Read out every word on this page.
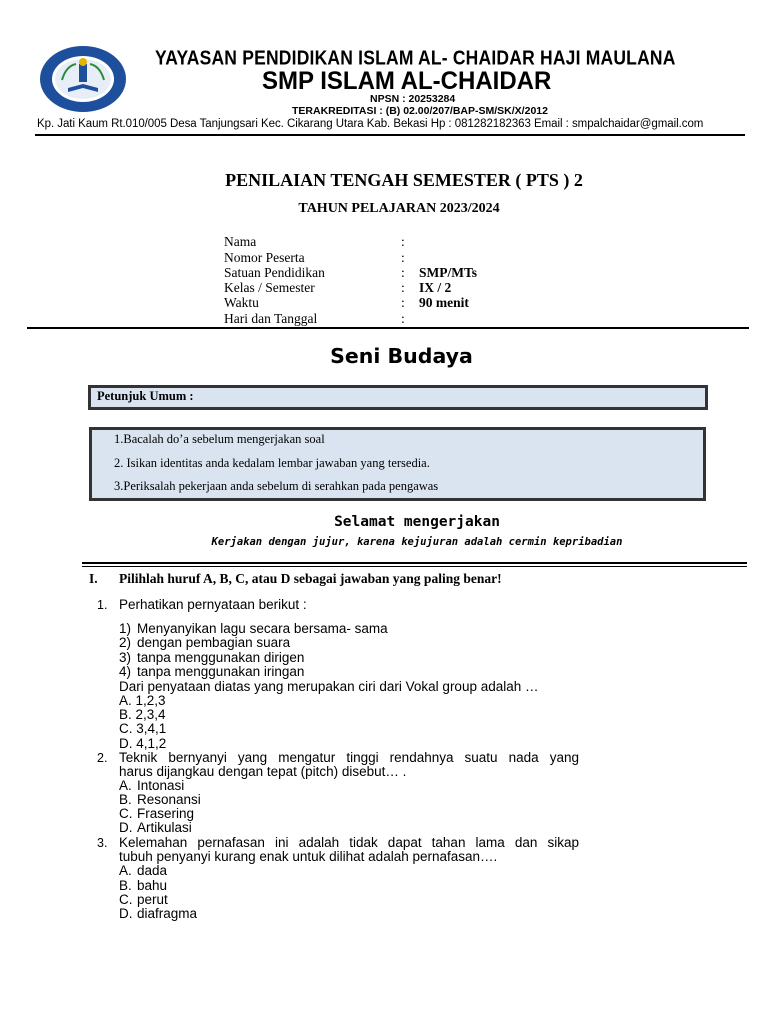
YAYASAN PENDIDIKAN ISLAM AL- CHAIDAR HAJI MAULANA
SMP ISLAM AL-CHAIDAR
NPSN : 20253284
TERAKREDITASI : (B) 02.00/207/BAP-SM/SK/X/2012
Kp. Jati Kaum Rt.010/005 Desa Tanjungsari Kec. Cikarang Utara Kab. Bekasi Hp : 081282182363 Email : smpalchaidar@gmail.com
PENILAIAN TENGAH SEMESTER ( PTS ) 2
TAHUN PELAJARAN 2023/2024
Nama	:
Nomor Peserta	:
Satuan Pendidikan	: SMP/MTs
Kelas / Semester	: IX / 2
Waktu	: 90 menit
Hari dan Tanggal	:
Seni Budaya
Petunjuk Umum :
1.Bacalah do’a sebelum mengerjakan soal
2. Isikan identitas anda kedalam lembar jawaban yang tersedia.
3.Periksalah pekerjaan anda sebelum di serahkan pada pengawas
Selamat mengerjakan
Kerjakan dengan jujur, karena kejujuran adalah cermin kepribadian
I. Pilihlah huruf A, B, C, atau D sebagai jawaban yang paling benar!
1. Perhatikan pernyataan berikut :
1) Menyanyikan lagu secara bersama- sama
2) dengan pembagian suara
3) tanpa menggunakan dirigen
4) tanpa menggunakan iringan
Dari penyataan diatas yang merupakan ciri dari Vokal group adalah …
A. 1,2,3
B. 2,3,4
C. 3,4,1
D. 4,1,2
2. Teknik bernyanyi yang mengatur tinggi rendahnya suatu nada yang
harus dijangkau dengan tepat (pitch) disebut… .
A. Intonasi
B. Resonansi
C. Frasering
D. Artikulasi
3. Kelemahan pernafasan ini adalah tidak dapat tahan lama dan sikap
tubuh penyanyi kurang enak untuk dilihat adalah pernafasan….
A. dada
B. bahu
C. perut
D. diafragma
